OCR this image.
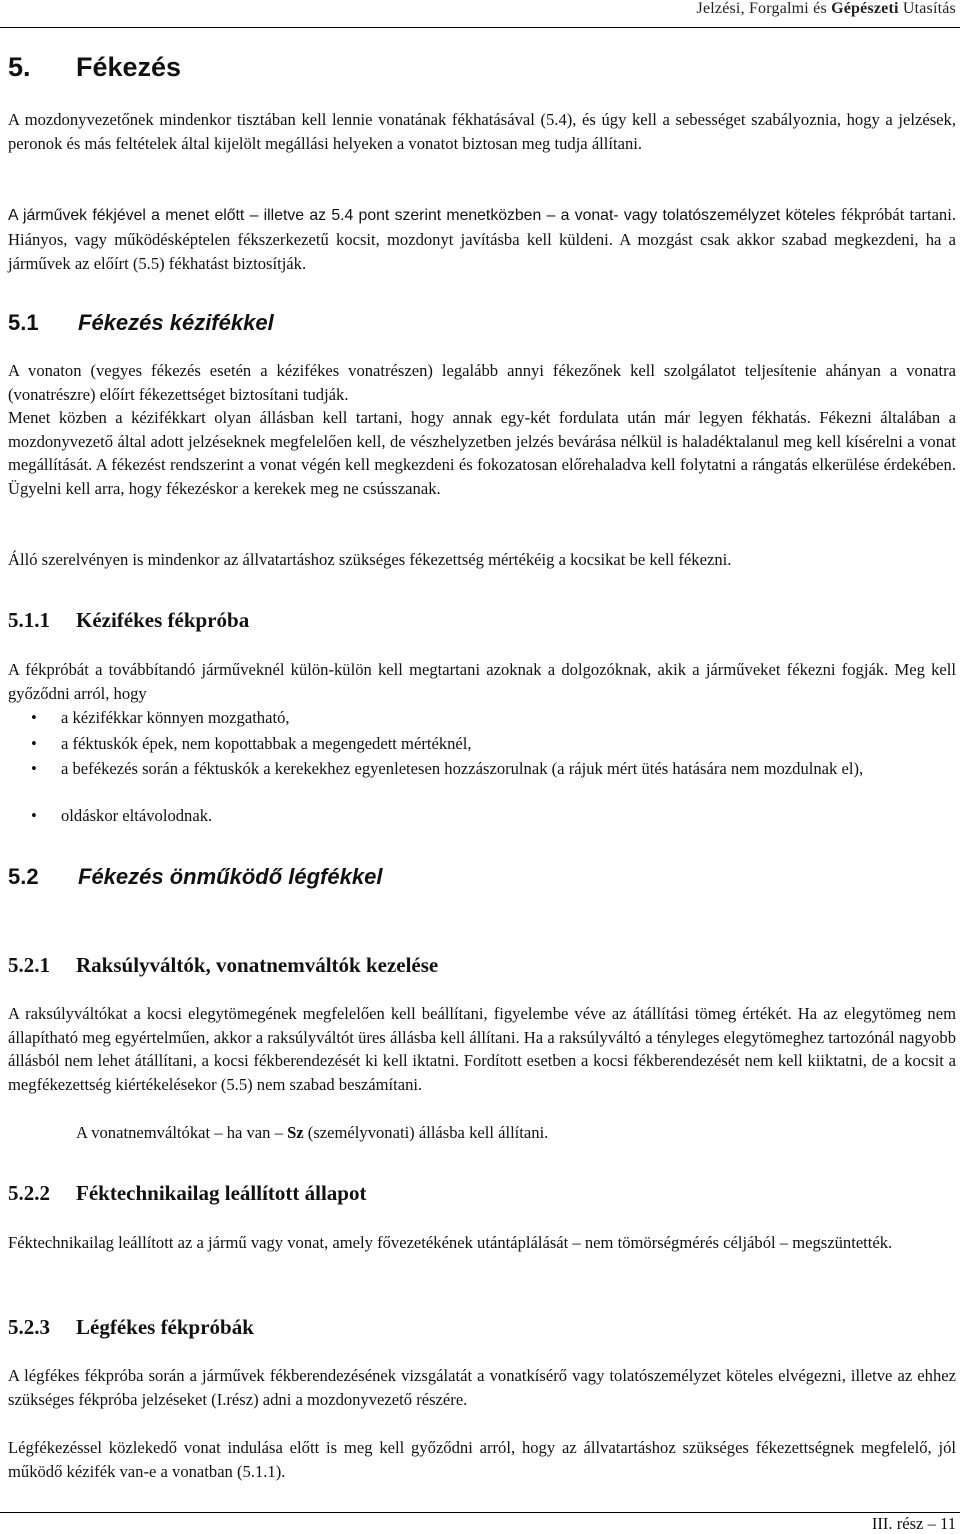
Jelzési, Forgalmi és Gépészeti Utasítás
5. Fékezés

A mozdonyvezetőnek mindenkor tisztában kell lennie vonatának fékhatásával (5.4), és úgy kell a sebességet szabályoznia, hogy a jelzések, peronok és más feltételek által kijelölt megállási helyeken a vonatot biztosan meg tudja állítani.

A járművek fékjével a menet előtt – illetve az 5.4 pont szerint menetközben – a vonat- vagy tolatószemélyzet köteles fékpróbát tartani. Hiányos, vagy működésképtelen fékszerkezetű kocsit, mozdonyt javításba kell küldeni. A mozgást csak akkor szabad megkezdeni, ha a járművek az előírt (5.5) fékhatást biztosítják.

5.1 Fékezés kézifékkel

A vonaton (vegyes fékezés esetén a kézifékes vonatrészen) legalább annyi fékezőnek kell szolgálatot teljesítenie ahányan a vonatra (vonatrészre) előírt fékezettséget biztosítani tudják.

Menet közben a kézifékkart olyan állásban kell tartani, hogy annak egy-két fordulata után már legyen fékhatás. Fékezni általában a mozdonyvezető által adott jelzéseknek megfelelően kell, de vészhelyzetben jelzés bevárása nélkül is haladéktalanul meg kell kísérelni a vonat megállítását. A fékezést rendszerint a vonat végén kell megkezdeni és fokozatosan előrehaladva kell folytatni a rángatás elkerülése érdekében. Ügyelni kell arra, hogy fékezéskor a kerekek meg ne csússzanak.

Álló szerelvényen is mindenkor az állvatartáshoz szükséges fékezettség mértékéig a kocsikat be kell fékezni.

5.1.1 Kézifékes fékpróba

A fékpróbát a továbbítandó járműveknél külön-külön kell megtartani azoknak a dolgozóknak, akik a járműveket fékezni fogják. Meg kell győződni arról, hogy

• a kézifékkar könnyen mozgatható,
• a féktuskók épek, nem kopottabbak a megengedett mértéknél,
• a befékezés során a féktuskók a kerekekhez egyenletesen hozzászorulnak (a rájuk mért ütés hatására nem mozdulnak el),
• oldáskor eltávolodnak.
5.2 Fékezés önműködő légfékkel
5.2.1 Raksúlyváltók, vonatnemváltók kezelése

A raksúlyváltókat a kocsi elegytömegének megfelelően kell beállítani, figyelembe véve az átállítási tömeg értékét. Ha az elegytömeg nem állapítható meg egyértelműen, akkor a raksúlyváltót üres állásba kell állítani. Ha a raksúlyváltó a tényleges elegytömeghez tartozónál nagyobb állásból nem lehet átállítani, a kocsi fékberendezését ki kell iktatni. Fordított esetben a kocsi fékberendezését nem kell kiiktatni, de a kocsit a megfékezettség kiértékelésekor (5.5) nem szabad beszámítani.

A vonatnemváltókat – ha van – Sz (személyvonati) állásba kell állítani.

5.2.2 Féktechnikailag leállított állapot

Féktechnikailag leállított az a jármű vagy vonat, amely fővezetékének utántáplálását – nem tömörségmérés céljából – megszüntették.

5.2.3 Légfékes fékpróbák

A légfékes fékpróba során a járművek fékberendezésének vizsgálatát a vonatkísérő vagy tolatószemélyzet köteles elvégezni, illetve az ehhez szükséges fékpróba jelzéseket (I.rész) adni a mozdonyvezető részére.

Légfékezéssel közlekedő vonat indulása előtt is meg kell győződni arról, hogy az állvatartáshoz szükséges fékezettségnek megfelelő, jól működő kézifék van-e a vonatban (5.1.1).

III. rész – 11
